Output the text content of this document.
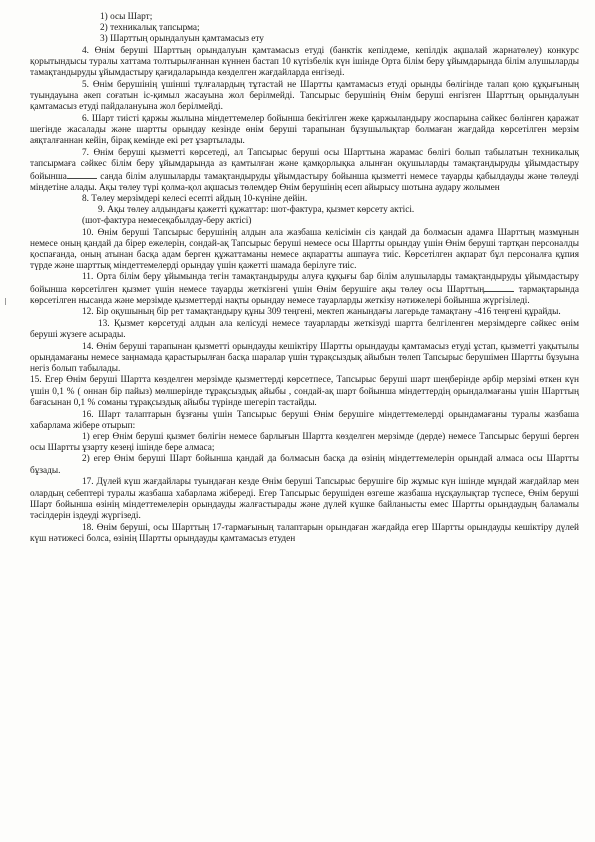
1) осы Шарт;

2) техникалық тапсырма;

3) Шарттың орындалуын қамтамасыз ету

4. Өнім беруші Шарттың орындалуын қамтамасыз етуді (банктік кепілдеме, кепілдік ақшалай жарнатөлеу) конкурс қорытындысы туралы хаттама толтырылғаннан күннен бастап 10 күтізбелік күн ішінде Орта білім беру ұйымдарында білім алушыларды тамақтандыруды ұйымдастыру қағидаларында көзделген жағдайларда енгізеді.

5. Өнім берушінің үшінші тұлғалардың тұтастай не Шартты қамтамасыз етуді орынды бөлігінде талап қою құқығының туындауына әкеп соғатын іс-қимыл жасауына жол берілмейді. Тапсырыс берушінің Өнім беруші енгізген Шарттың орындалуын қамтамасыз етуді пайдалануына жол берілмейді.

6. Шарт тиісті қаржы жылына міндеттемелер бойынша бекітілген жеке қаржыландыру жоспарына сәйкес бөлінген қаражат шегінде жасалады және шартты орындау кезінде өнім беруші тарапынан бұзушылықтар болмаған жағдайда көрсетілген мерзім аяқталғаннан кейін, бірақ кемінде екі рет ұзартылады.

7. Өнім беруші қызметті көрсетеді, ал Тапсырыс беруші осы Шарттына жарамас бөлігі болып табылатын техникалық тапсырмаға сәйкес білім беру ұйымдарында аз қамтылған және қамқорлықка алынған оқушыларды тамақтандыруды ұйымдастыру бойынша	санда білім алушыларды тамақтандыруды ұйымдастыру бойынша қызметті немесе тауарды қабылдауды және төлеуді міндетіне алады. Ақы төлеу түрі қолма-қол ақшасыз төлемдер Өнім берушінің есеп айырысу шотына аудару жолымен

8. Төлеу мерзімдері келесі есепті айдың 10-күніне дейін.

9. Ақы төлеу алдындағы қажетті құжаттар: шот-фактура, қызмет көрсету актісі.

(шот-фактура немесеқабылдау-беру актісі)

10. Өнім беруші Тапсырыс берушінің алдын ала жазбаша келісімін сіз қандай да болмасын адамға Шарттың мазмұнын немесе оның қандай да бірер ежелерін, сондай-ақ Тапсырыс беруші немесе осы Шартты орындау үшін Өнім беруші тартқан персоналды қоспағанда, оның атынан басқа адам берген құжаттаманы немесе ақпаратты ашпауға тиіс. Көрсетілген ақпарат бұл персоналға құпия түрде және шарттық міндеттемелерді орындау үшін қажетті шамада берілуге тиіс.

11. Орта білім беру ұйымында тегін тамақтандыруды алуға құқығы бар білім алушыларды тамақтандыруды ұйымдастыру бойынша көрсетілген қызмет үшін немесе тауарды жеткізгені үшін Өнім берушіге ақы төлеу осы Шарттың	тармақтарында көрсетілген нысанда және мерзімде қызметтерді нақты орындау немесе тауарларды жеткізу нәтижелері бойынша жүргізіледі.

12. Бір оқушының бір рет тамақтандыру құны 309 теңгені, мектеп жанындағы лагерьде тамақтану -416 теңгені құрайды.

13. Қызмет көрсетуді алдын ала келісуді немесе тауарларды жеткізуді шартта белгіленген мерзімдерге сәйкес өнім беруші жүзеге асырады.

14. Өнім беруші тарапынан қызметті орындауды кешіктіру Шартты орындауды қамтамасыз етуді ұстап, қызметті уақытылы орындамағаны немесе заңнамада қарастырылған басқа шаралар үшін тұрақсыздық айыбын төлеп Тапсырыс берушімен Шартты бұзуына негіз болып табылады.

15. Егер Өнім беруші Шартта көзделген мерзімде қызметтерді көрсетпесе, Тапсырыс беруші шарт шеңберінде әрбір мерзімі өткен күн үшін 0,1 % ( оннан бір пайыз) мөлшерінде тұрақсыздық айыбы , сондай-ақ шарт бойынша міндеттердің орындалмағаны үшін Шарттың бағасынан 0,1 % соманы тұрақсыздық айыбы түрінде шегеріп тастайды.

16. Шарт талаптарын бұзғаны үшін Тапсырыс беруші Өнім берушіге міндеттемелерді орындамағаны туралы жазбаша хабарлама жібере отырып:

1) егер Өнім беруші қызмет бөлігін немесе барлығын Шартта көзделген мерзімде (дерде) немесе Тапсырыс беруші берген осы Шартты ұзарту кезеңі ішінде бере алмаса;

2) егер Өнім беруші Шарт бойынша қандай да болмасын басқа да өзінің міндеттемелерін орындай алмаса осы Шартты бұзады.

17. Дүлей күш жағдайлары туындаған кезде Өнім беруші Тапсырыс берушіге бір жұмыс күн ішінде мұндай жағдайлар мен олардың себептері туралы жазбаша хабарлама жібереді. Егер Тапсырыс берушіден өзгеше жазбаша нұсқаулықтар түспесе, Өнім беруші Шарт бойынша өзінің міндеттемелерін орындауды жалғастырады және дүлей күшке байланысты емес Шартты орындаудың баламалы тәсілдерін іздеуді жүргізеді.

18. Өнім беруші, осы Шарттың 17-тармағының талаптарын орындаған жағдайда егер Шартты орындауды кешіктіру дүлей күш нәтижесі болса, өзінің Шартты орындауды қамтамасыз етуден
